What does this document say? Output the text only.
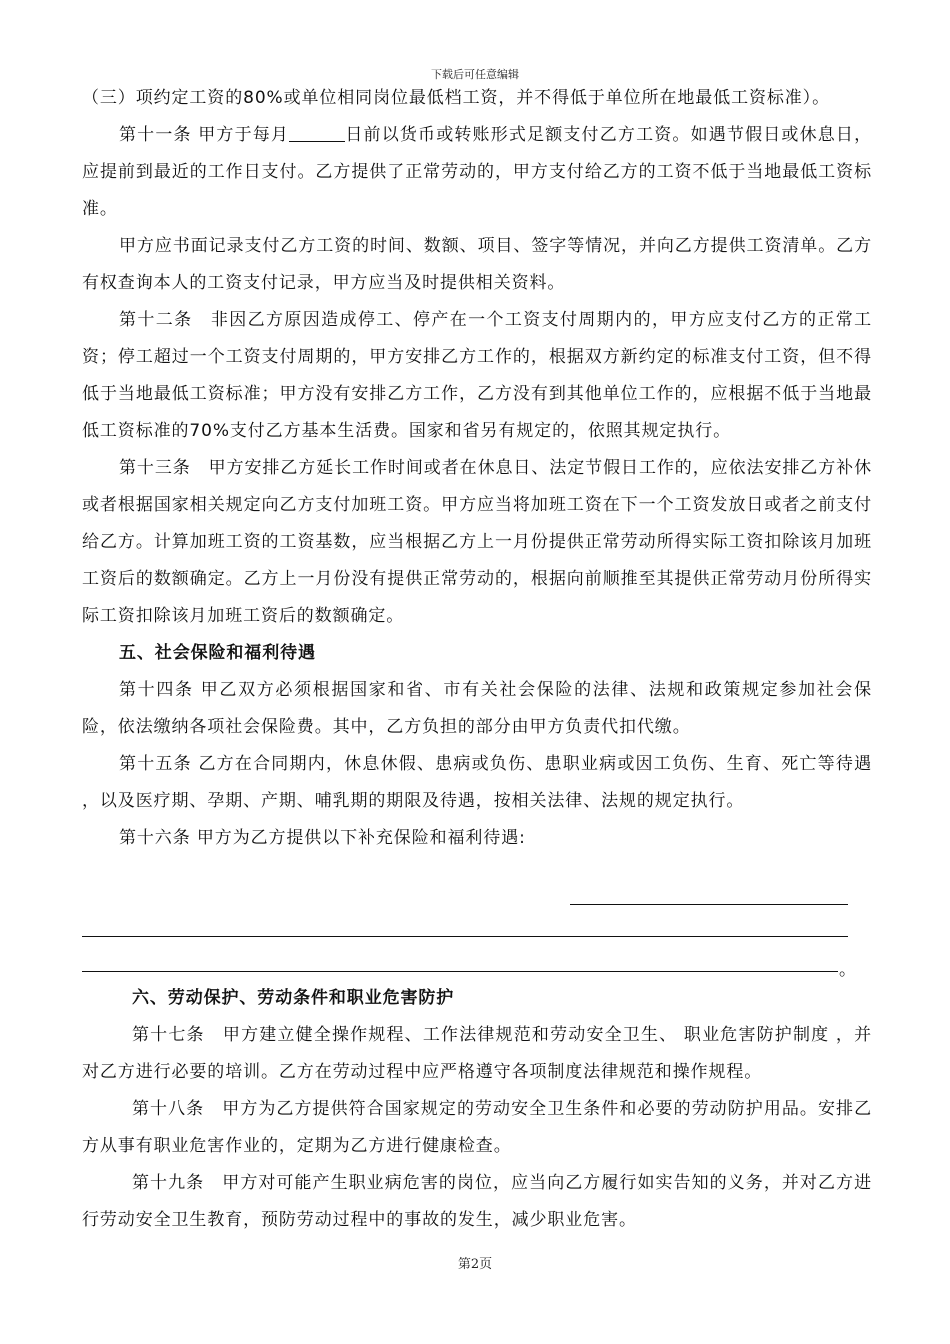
下载后可任意编辑

（三）项约定工资的80%或单位相同岗位最低档工资，并不得低于单位所在地最低工资标准）。

第十一条 甲方于每月	日前以货币或转账形式足额支付乙方工资。如遇节假日或休息日，应提前到最近的工作日支付。乙方提供了正常劳动的，甲方支付给乙方的工资不低于当地最低工资标准。

甲方应书面记录支付乙方工资的时间、数额、项目、签字等情况，并向乙方提供工资清单。乙方有权查询本人的工资支付记录，甲方应当及时提供相关资料。

第十二条　非因乙方原因造成停工、停产在一个工资支付周期内的，甲方应支付乙方的正常工资；停工超过一个工资支付周期的，甲方安排乙方工作的，根据双方新约定的标准支付工资，但不得低于当地最低工资标准；甲方没有安排乙方工作，乙方没有到其他单位工作的，应根据不低于当地最低工资标准的70%支付乙方基本生活费。国家和省另有规定的，依照其规定执行。

第十三条　甲方安排乙方延长工作时间或者在休息日、法定节假日工作的，应依法安排乙方补休或者根据国家相关规定向乙方支付加班工资。甲方应当将加班工资在下一个工资发放日或者之前支付给乙方。计算加班工资的工资基数，应当根据乙方上一月份提供正常劳动所得实际工资扣除该月加班工资后的数额确定。乙方上一月份没有提供正常劳动的，根据向前顺推至其提供正常劳动月份所得实际工资扣除该月加班工资后的数额确定。

五、社会保险和福利待遇

第十四条 甲乙双方必须根据国家和省、市有关社会保险的法律、法规和政策规定参加社会保险，依法缴纳各项社会保险费。其中，乙方负担的部分由甲方负责代扣代缴。

第十五条 乙方在合同期内，休息休假、患病或负伤、患职业病或因工负伤、生育、死亡等待遇 ，以及医疗期、孕期、产期、哺乳期的期限及待遇，按相关法律、法规的规定执行。

第十六条 甲方为乙方提供以下补充保险和福利待遇:

。

六、劳动保护、劳动条件和职业危害防护

第十七条　甲方建立健全操作规程、工作法律规范和劳动安全卫生、 职业危害防护制度 ，并对乙方进行必要的培训。乙方在劳动过程中应严格遵守各项制度法律规范和操作规程。

第十八条　甲方为乙方提供符合国家规定的劳动安全卫生条件和必要的劳动防护用品。安排乙方从事有职业危害作业的，定期为乙方进行健康检查。

第十九条　甲方对可能产生职业病危害的岗位，应当向乙方履行如实告知的义务，并对乙方进行劳动安全卫生教育，预防劳动过程中的事故的发生，减少职业危害。

第2页
